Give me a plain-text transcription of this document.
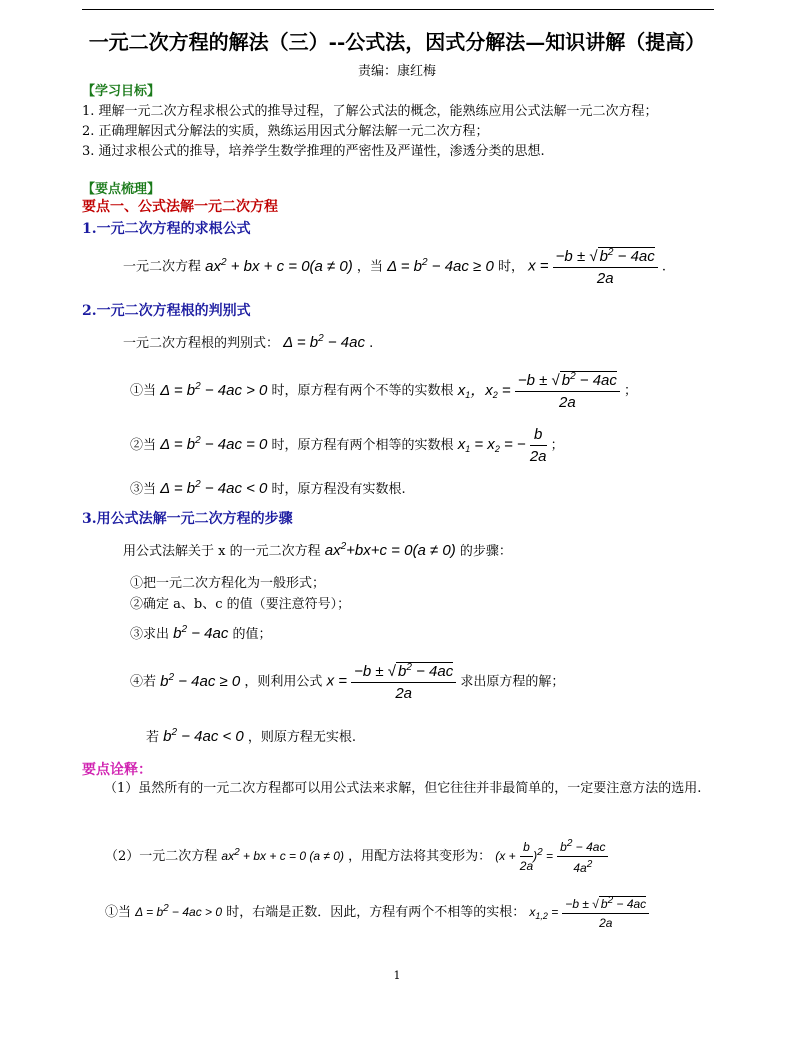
一元二次方程的解法（三）--公式法，因式分解法—知识讲解（提高）
责编：康红梅
【学习目标】
1. 理解一元二次方程求根公式的推导过程，了解公式法的概念，能熟练应用公式法解一元二次方程；
2. 正确理解因式分解法的实质，熟练运用因式分解法解一元二次方程；
3. 通过求根公式的推导，培养学生数学推理的严密性及严谨性，渗透分类的思想.
【要点梳理】
要点一、公式法解一元二次方程
1.一元二次方程的求根公式
一元二次方程 $ax^2$ + bx + c = 0(a ≠ 0) ，当 $\Delta = b^2 - 4ac \ge 0$ 时， $x = \frac{-b \pm √ b^2 - 4ac}{2a}$ .
2.一元二次方程根的判别式
一元二次方程根的判别式： $\Delta = b^2 - 4ac$ .
①当 $\Delta = b^2 - 4ac > 0$ 时，原方程有两个不等的实数根 $x_1$，$x_2 = \frac{-b \pm √ b^2 - 4ac}{2a}$ ；
②当 $\Delta = b^2 - 4ac = 0$ 时，原方程有两个相等的实数根 $x_1 = x_2$ = − $\frac{b}{2a}$ ；
③当 $\Delta = b^2 - 4ac < 0$ 时，原方程没有实数根.
3.用公式法解一元二次方程的步骤
用公式法解关于 x 的一元二次方程 $ax^2+bx+c = 0(a \ne 0)$ 的步骤：
①把一元二次方程化为一般形式；
②确定 a、b、c 的值（要注意符号）；
③求出 $b^2 - 4ac$ 的值；
④若 $b^2 - 4ac \ge 0$ ，则利用公式 $x = \frac{-b \pm √ b^2 - 4ac}{2a}$ 求出原方程的解；
若 $b^2 - 4ac < 0$ ，则原方程无实根.
要点诠释：
（1）虽然所有的一元二次方程都可以用公式法来求解，但它往往并非最简单的，一定要注意方法的选用.
（2）一元二次方程 $ax^2$ + bx + c = 0 (a ≠ 0) ，用配方法将其变形为： $(x + \frac{b}{2a} )^2 = \frac{b^2 - 4ac}{4a^2}$
①当 $\Delta = b^2 - 4ac > 0$ 时，右端是正数．因此，方程有两个不相等的实根： $x_{1,2} = \frac{-b \pm √ b^2 - 4ac}{2a}$
1
